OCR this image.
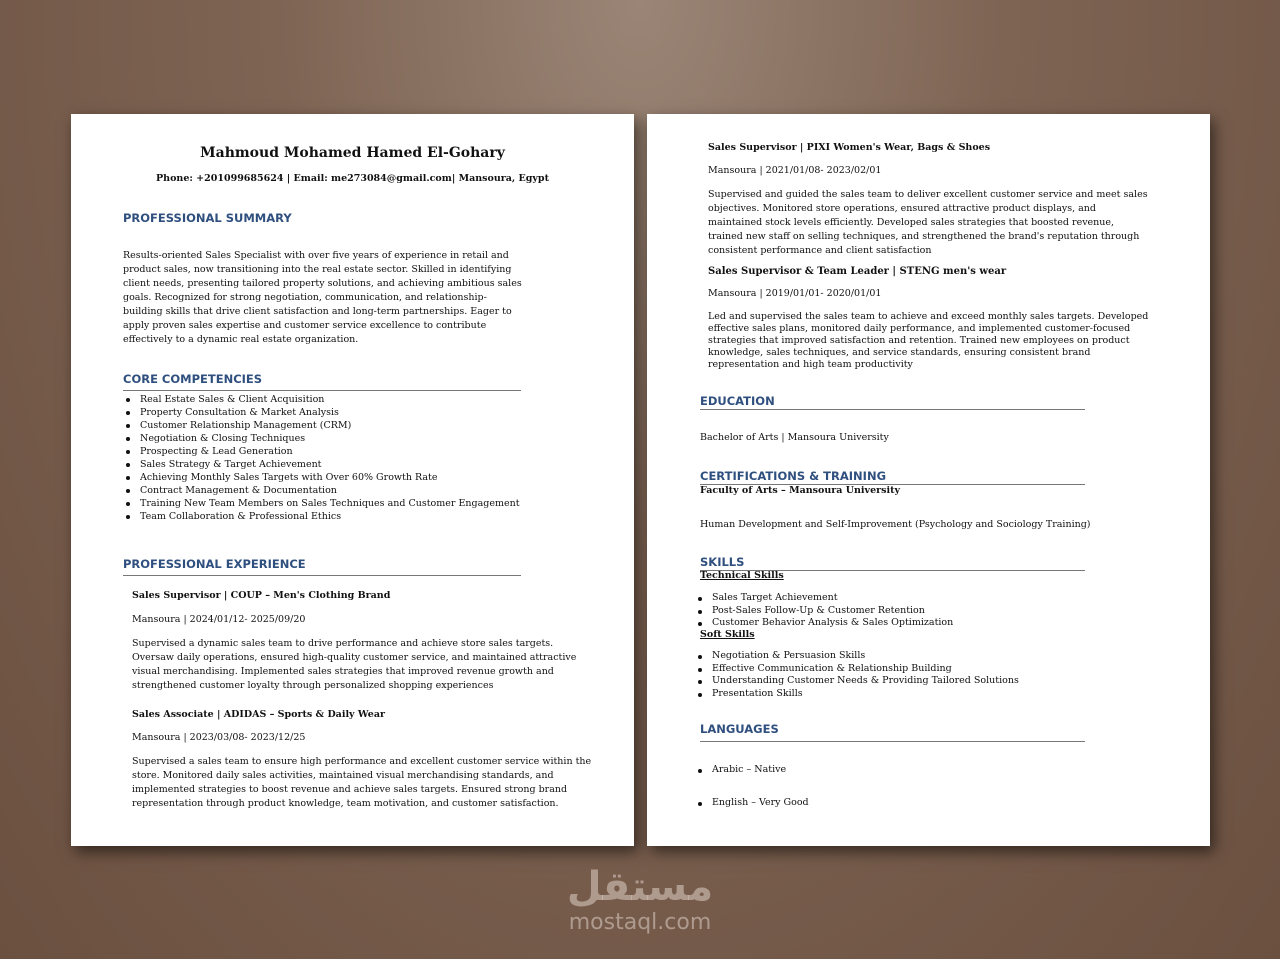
Mahmoud Mohamed Hamed El-Gohary
Phone: +201099685624 | Email: me273084@gmail.com| Mansoura, Egypt
PROFESSIONAL SUMMARY
Results-oriented Sales Specialist with over five years of experience in retail and product sales, now transitioning into the real estate sector. Skilled in identifying client needs, presenting tailored property solutions, and achieving ambitious sales goals. Recognized for strong negotiation, communication, and relationship-building skills that drive client satisfaction and long-term partnerships. Eager to apply proven sales expertise and customer service excellence to contribute effectively to a dynamic real estate organization.
CORE COMPETENCIES
Real Estate Sales & Client Acquisition
Property Consultation & Market Analysis
Customer Relationship Management (CRM)
Negotiation & Closing Techniques
Prospecting & Lead Generation
Sales Strategy & Target Achievement
Achieving Monthly Sales Targets with Over 60% Growth Rate
Contract Management & Documentation
Training New Team Members on Sales Techniques and Customer Engagement
Team Collaboration & Professional Ethics
PROFESSIONAL EXPERIENCE
Sales Supervisor | COUP – Men's Clothing Brand
Mansoura | 2024/01/12- 2025/09/20
Supervised a dynamic sales team to drive performance and achieve store sales targets. Oversaw daily operations, ensured high-quality customer service, and maintained attractive visual merchandising. Implemented sales strategies that improved revenue growth and strengthened customer loyalty through personalized shopping experiences
Sales Associate | ADIDAS – Sports & Daily Wear
Mansoura | 2023/03/08- 2023/12/25
Supervised a sales team to ensure high performance and excellent customer service within the store. Monitored daily sales activities, maintained visual merchandising standards, and implemented strategies to boost revenue and achieve sales targets. Ensured strong brand representation through product knowledge, team motivation, and customer satisfaction.
Sales Supervisor | PIXI Women's Wear, Bags & Shoes
Mansoura | 2021/01/08- 2023/02/01
Supervised and guided the sales team to deliver excellent customer service and meet sales objectives. Monitored store operations, ensured attractive product displays, and maintained stock levels efficiently. Developed sales strategies that boosted revenue, trained new staff on selling techniques, and strengthened the brand's reputation through consistent performance and client satisfaction
Sales Supervisor & Team Leader | STENG men's wear
Mansoura | 2019/01/01- 2020/01/01
Led and supervised the sales team to achieve and exceed monthly sales targets. Developed effective sales plans, monitored daily performance, and implemented customer-focused strategies that improved satisfaction and retention. Trained new employees on product knowledge, sales techniques, and service standards, ensuring consistent brand representation and high team productivity
EDUCATION
Bachelor of Arts | Mansoura University
CERTIFICATIONS & TRAINING
Faculty of Arts – Mansoura University
Human Development and Self-Improvement (Psychology and Sociology Training)
SKILLS
Technical Skills
Sales Target Achievement
Post-Sales Follow-Up & Customer Retention
Customer Behavior Analysis & Sales Optimization
Soft Skills
Negotiation & Persuasion Skills
Effective Communication & Relationship Building
Understanding Customer Needs & Providing Tailored Solutions
Presentation Skills
LANGUAGES
Arabic – Native
English – Very Good
مستقل
mostaql.com
